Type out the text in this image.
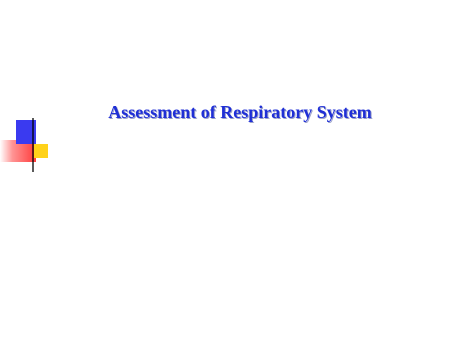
Assessment of Respiratory System
